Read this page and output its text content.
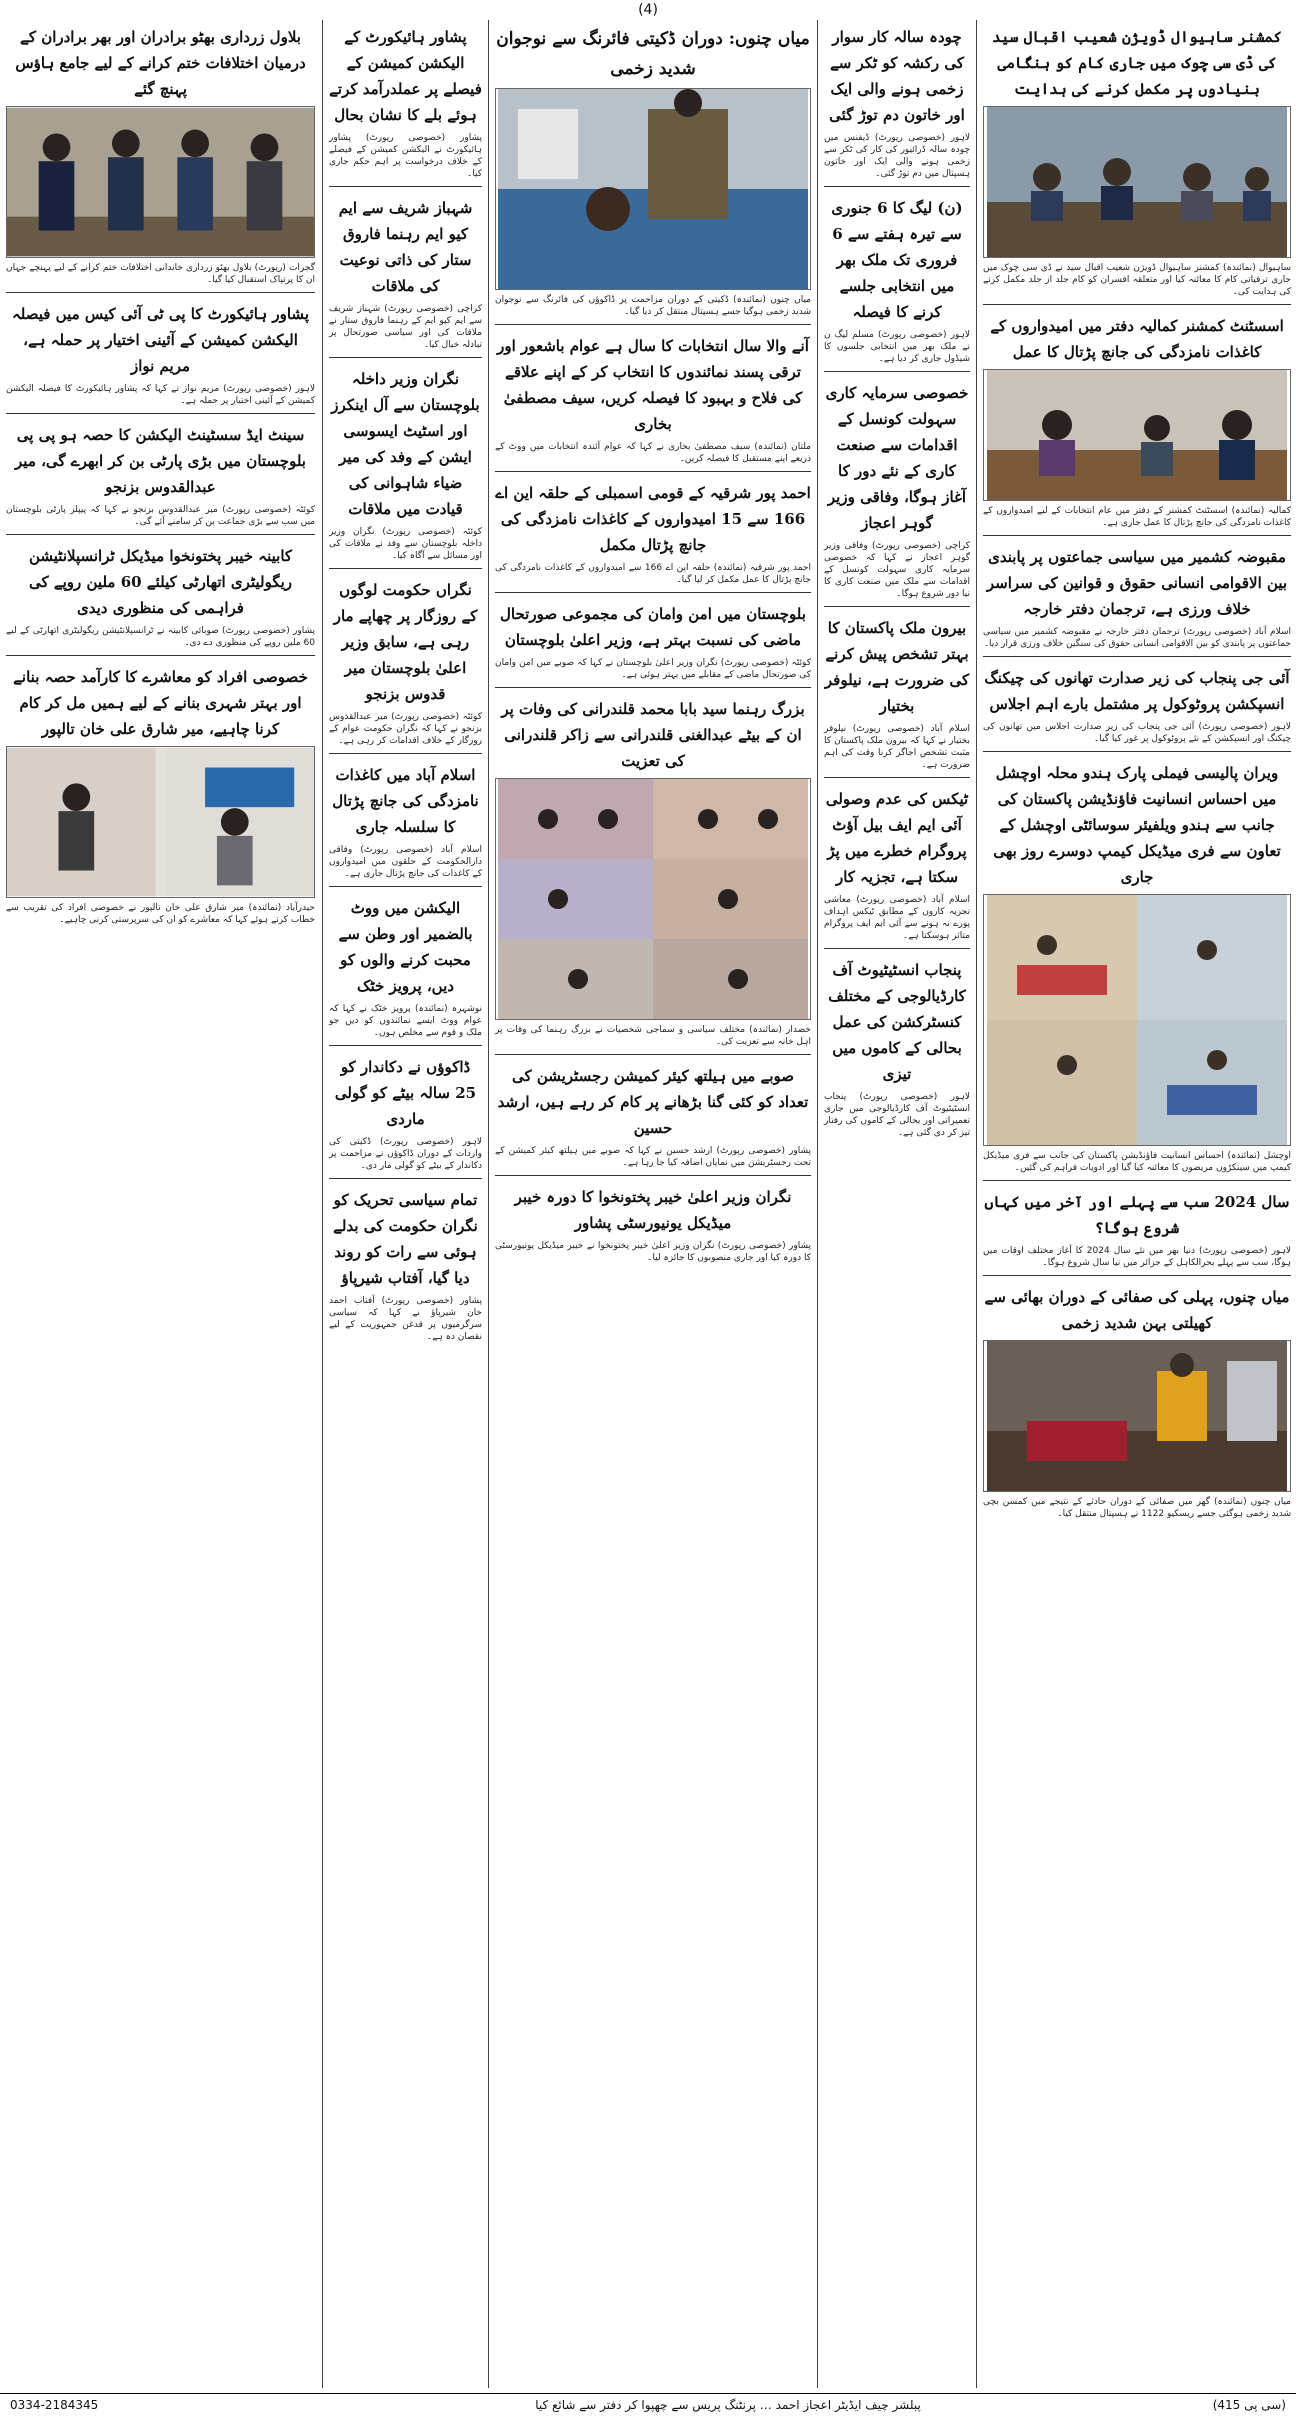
(4)
کمشنر ساہیوال ڈویژن شعیب اقبال سید کی ڈی سی چوک میں جاری کام کو ہنگامی بنیادوں پر مکمل کرنے کی ہدایت
ساہیوال (نمائندہ) کمشنر ساہیوال ڈویژن شعیب اقبال سید نے ڈی سی چوک میں جاری ترقیاتی کام کا معائنہ کیا اور متعلقہ افسران کو کام جلد از جلد مکمل کرنے کی ہدایت کی۔
اسسٹنٹ کمشنر کمالیہ دفتر میں امیدواروں کے کاغذات نامزدگی کی جانچ پڑتال کا عمل
کمالیہ (نمائندہ) اسسٹنٹ کمشنر کے دفتر میں عام انتخابات کے لیے امیدواروں کے کاغذات نامزدگی کی جانچ پڑتال کا عمل جاری ہے۔
مقبوضہ کشمیر میں سیاسی جماعتوں پر پابندی بین الاقوامی انسانی حقوق و قوانین کی سراسر خلاف ورزی ہے، ترجمان دفتر خارجہ
اسلام آباد (خصوصی رپورٹ) ترجمان دفتر خارجہ نے مقبوضہ کشمیر میں سیاسی جماعتوں پر پابندی کو بین الاقوامی انسانی حقوق کی سنگین خلاف ورزی قرار دیا۔
آئی جی پنجاب کی زیر صدارت تھانوں کی چیکنگ انسپکشن پروٹوکول پر مشتمل بارے اہم اجلاس
لاہور (خصوصی رپورٹ) آئی جی پنجاب کی زیر صدارت اجلاس میں تھانوں کی چیکنگ اور انسپکشن کے نئے پروٹوکول پر غور کیا گیا۔
ویران پالیسی فیملی پارک ہندو محلہ اوچشل میں احساس انسانیت فاؤنڈیشن پاکستان کی جانب سے ہندو ویلفیئر سوسائٹی اوچشل کے تعاون سے فری میڈیکل کیمپ دوسرے روز بھی جاری
اوچشل (نمائندہ) احساس انسانیت فاؤنڈیشن پاکستان کی جانب سے فری میڈیکل کیمپ میں سینکڑوں مریضوں کا معائنہ کیا گیا اور ادویات فراہم کی گئیں۔
سال 2024 سب سے پہلے اور آخر میں کہاں شروع ہوگا؟
لاہور (خصوصی رپورٹ) دنیا بھر میں نئے سال 2024 کا آغاز مختلف اوقات میں ہوگا، سب سے پہلے بحرالکاہل کے جزائر میں نیا سال شروع ہوگا۔
میاں چنوں، پہلی کی صفائی کے دوران بھائی سے کھیلتی بہن شدید زخمی
میاں چنوں (نمائندہ) گھر میں صفائی کے دوران حادثے کے نتیجے میں کمسن بچی شدید زخمی ہوگئی جسے ریسکیو 1122 نے ہسپتال منتقل کیا۔
چودہ سالہ کار سوار کی رکشہ کو ٹکر سے زخمی ہونے والی ایک اور خاتون دم توڑ گئی
لاہور (خصوصی رپورٹ) ڈیفنس میں چودہ سالہ ڈرائیور کی کار کی ٹکر سے زخمی ہونے والی ایک اور خاتون ہسپتال میں دم توڑ گئی۔
(ن) لیگ کا 6 جنوری سے تیرہ ہفتے سے 6 فروری تک ملک بھر میں انتخابی جلسے کرنے کا فیصلہ
لاہور (خصوصی رپورٹ) مسلم لیگ ن نے ملک بھر میں انتخابی جلسوں کا شیڈول جاری کر دیا ہے۔
خصوصی سرمایہ کاری سہولت کونسل کے اقدامات سے صنعت کاری کے نئے دور کا آغاز ہوگا، وفاقی وزیر گوہر اعجاز
کراچی (خصوصی رپورٹ) وفاقی وزیر گوہر اعجاز نے کہا کہ خصوصی سرمایہ کاری سہولت کونسل کے اقدامات سے ملک میں صنعت کاری کا نیا دور شروع ہوگا۔
بیرون ملک پاکستان کا بہتر تشخص پیش کرنے کی ضرورت ہے، نیلوفر بختیار
اسلام آباد (خصوصی رپورٹ) نیلوفر بختیار نے کہا کہ بیرون ملک پاکستان کا مثبت تشخص اجاگر کرنا وقت کی اہم ضرورت ہے۔
ٹیکس کی عدم وصولی آئی ایم ایف بیل آؤٹ پروگرام خطرے میں پڑ سکتا ہے، تجزیہ کار
اسلام آباد (خصوصی رپورٹ) معاشی تجزیہ کاروں کے مطابق ٹیکس اہداف پورے نہ ہونے سے آئی ایم ایف پروگرام متاثر ہوسکتا ہے۔
پنجاب انسٹیٹیوٹ آف کارڈیالوجی کے مختلف کنسٹرکشن کی عمل بحالی کے کاموں میں تیزی
لاہور (خصوصی رپورٹ) پنجاب انسٹیٹیوٹ آف کارڈیالوجی میں جاری تعمیراتی اور بحالی کے کاموں کی رفتار تیز کر دی گئی ہے۔
میاں چنوں: دوران ڈکیتی فائرنگ سے نوجوان شدید زخمی
میاں چنوں (نمائندہ) ڈکیتی کے دوران مزاحمت پر ڈاکوؤں کی فائرنگ سے نوجوان شدید زخمی ہوگیا جسے ہسپتال منتقل کر دیا گیا۔
آنے والا سال انتخابات کا سال ہے عوام باشعور اور ترقی پسند نمائندوں کا انتخاب کر کے اپنے علاقے کی فلاح و بہبود کا فیصلہ کریں، سیف مصطفیٰ بخاری
ملتان (نمائندہ) سیف مصطفیٰ بخاری نے کہا کہ عوام آئندہ انتخابات میں ووٹ کے ذریعے اپنے مستقبل کا فیصلہ کریں۔
احمد پور شرقیہ کے قومی اسمبلی کے حلقہ این اے 166 سے 15 امیدواروں کے کاغذات نامزدگی کی جانچ پڑتال مکمل
احمد پور شرقیہ (نمائندہ) حلقہ این اے 166 سے امیدواروں کے کاغذات نامزدگی کی جانچ پڑتال کا عمل مکمل کر لیا گیا۔
بلوچستان میں امن وامان کی مجموعی صورتحال ماضی کی نسبت بہتر ہے، وزیر اعلیٰ بلوچستان
کوئٹہ (خصوصی رپورٹ) نگران وزیر اعلیٰ بلوچستان نے کہا کہ صوبے میں امن وامان کی صورتحال ماضی کے مقابلے میں بہتر ہوئی ہے۔
بزرگ رہنما سید بابا محمد قلندرانی کی وفات پر ان کے بیٹے عبدالغنی قلندرانی سے زاکر قلندرانی کی تعزیت
خضدار (نمائندہ) مختلف سیاسی و سماجی شخصیات نے بزرگ رہنما کی وفات پر اہل خانہ سے تعزیت کی۔
صوبے میں ہیلتھ کیئر کمیشن رجسٹریشن کی تعداد کو کئی گنا بڑھانے پر کام کر رہے ہیں، ارشد حسین
پشاور (خصوصی رپورٹ) ارشد حسین نے کہا کہ صوبے میں ہیلتھ کیئر کمیشن کے تحت رجسٹریشن میں نمایاں اضافہ کیا جا رہا ہے۔
نگران وزیر اعلیٰ خیبر پختونخوا کا دورہ خیبر میڈیکل یونیورسٹی پشاور
پشاور (خصوصی رپورٹ) نگران وزیر اعلیٰ خیبر پختونخوا نے خیبر میڈیکل یونیورسٹی کا دورہ کیا اور جاری منصوبوں کا جائزہ لیا۔
پشاور ہائیکورٹ کے الیکشن کمیشن کے فیصلے پر عملدرآمد کرتے ہوئے بلے کا نشان بحال
پشاور (خصوصی رپورٹ) پشاور ہائیکورٹ نے الیکشن کمیشن کے فیصلے کے خلاف درخواست پر اہم حکم جاری کیا۔
شہباز شریف سے ایم کیو ایم رہنما فاروق ستار کی ذاتی نوعیت کی ملاقات
کراچی (خصوصی رپورٹ) شہباز شریف سے ایم کیو ایم کے رہنما فاروق ستار نے ملاقات کی اور سیاسی صورتحال پر تبادلہ خیال کیا۔
نگران وزیر داخلہ بلوچستان سے آل اینکرز اور اسٹیٹ ایسوسی ایشن کے وفد کی میر ضیاء شاہوانی کی قیادت میں ملاقات
کوئٹہ (خصوصی رپورٹ) نگران وزیر داخلہ بلوچستان سے وفد نے ملاقات کی اور مسائل سے آگاہ کیا۔
نگراں حکومت لوگوں کے روزگار پر چھاپے مار رہی ہے، سابق وزیر اعلیٰ بلوچستان میر قدوس بزنجو
کوئٹہ (خصوصی رپورٹ) میر عبدالقدوس بزنجو نے کہا کہ نگران حکومت عوام کے روزگار کے خلاف اقدامات کر رہی ہے۔
اسلام آباد میں کاغذات نامزدگی کی جانچ پڑتال کا سلسلہ جاری
اسلام آباد (خصوصی رپورٹ) وفاقی دارالحکومت کے حلقوں میں امیدواروں کے کاغذات کی جانچ پڑتال جاری ہے۔
الیکشن میں ووٹ بالضمیر اور وطن سے محبت کرنے والوں کو دیں، پرویز خٹک
نوشہرہ (نمائندہ) پرویز خٹک نے کہا کہ عوام ووٹ ایسے نمائندوں کو دیں جو ملک و قوم سے مخلص ہوں۔
ڈاکوؤں نے دکاندار کو 25 سالہ بیٹے کو گولی ماردی
لاہور (خصوصی رپورٹ) ڈکیتی کی واردات کے دوران ڈاکوؤں نے مزاحمت پر دکاندار کے بیٹے کو گولی مار دی۔
تمام سیاسی تحریک کو نگران حکومت کی بدلے ہوئی سے رات کو روند دیا گیا، آفتاب شیرپاؤ
پشاور (خصوصی رپورٹ) آفتاب احمد خان شیرپاؤ نے کہا کہ سیاسی سرگرمیوں پر قدغن جمہوریت کے لیے نقصان دہ ہے۔
بلاول زرداری بھٹو برادران اور بھر برادران کے درمیان اختلافات ختم کرانے کے لیے جامع ہاؤس پہنچ گئے
گجرات (رپورٹ) بلاول بھٹو زرداری خاندانی اختلافات ختم کرانے کے لیے پہنچے جہاں ان کا پرتپاک استقبال کیا گیا۔
پشاور ہائیکورٹ کا پی ٹی آئی کیس میں فیصلہ الیکشن کمیشن کے آئینی اختیار پر حملہ ہے، مریم نواز
لاہور (خصوصی رپورٹ) مریم نواز نے کہا کہ پشاور ہائیکورٹ کا فیصلہ الیکشن کمیشن کے آئینی اختیار پر حملہ ہے۔
سینٹ ایڈ سسٹینٹ الیکشن کا حصہ ہو پی پی بلوچستان میں بڑی پارٹی بن کر ابھرے گی، میر عبدالقدوس بزنجو
کوئٹہ (خصوصی رپورٹ) میر عبدالقدوس بزنجو نے کہا کہ پیپلز پارٹی بلوچستان میں سب سے بڑی جماعت بن کر سامنے آئے گی۔
کابینہ خیبر پختونخوا میڈیکل ٹرانسپلانٹیشن ریگولیٹری اتھارٹی کیلئے 60 ملین روپے کی فراہمی کی منظوری دیدی
پشاور (خصوصی رپورٹ) صوبائی کابینہ نے ٹرانسپلانٹیشن ریگولیٹری اتھارٹی کے لیے 60 ملین روپے کی منظوری دے دی۔
خصوصی افراد کو معاشرے کا کارآمد حصہ بنانے اور بہتر شہری بنانے کے لیے ہمیں مل کر کام کرنا چاہیے، میر شارق علی خان تالپور
حیدرآباد (نمائندہ) میر شارق علی خان تالپور نے خصوصی افراد کی تقریب سے خطاب کرتے ہوئے کہا کہ معاشرے کو ان کی سرپرستی کرنی چاہیے۔
(سی پی 415)
پبلشر چیف ایڈیٹر اعجاز احمد … پرنٹنگ پریس سے چھپوا کر دفتر سے شائع کیا
0334-2184345
